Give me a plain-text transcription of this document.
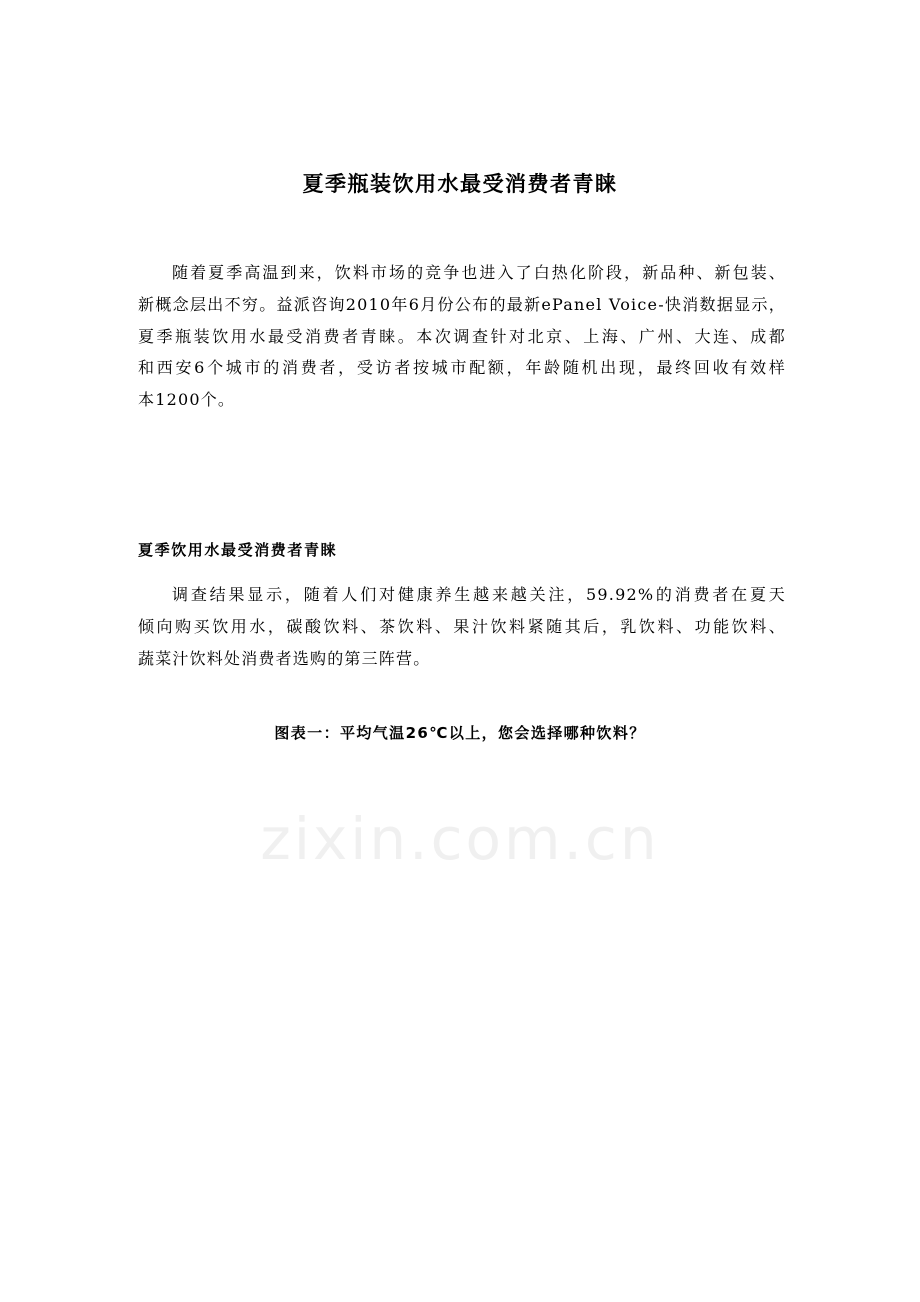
夏季瓶装饮用水最受消费者青睐
随着夏季高温到来，饮料市场的竞争也进入了白热化阶段，新品种、新包装、
新概念层出不穷。益派咨询2010年6月份公布的最新ePanel Voice-快消数据显示，
夏季瓶装饮用水最受消费者青睐。本次调查针对北京、上海、广州、大连、成都
和西安6个城市的消费者，受访者按城市配额，年龄随机出现，最终回收有效样
本1200个。
夏季饮用水最受消费者青睐
调查结果显示，随着人们对健康养生越来越关注，59.92%的消费者在夏天
倾向购买饮用水，碳酸饮料、茶饮料、果汁饮料紧随其后，乳饮料、功能饮料、
蔬菜汁饮料处消费者选购的第三阵营。

图表一：平均气温26℃以上，您会选择哪种饮料？

zixin.com.cn
